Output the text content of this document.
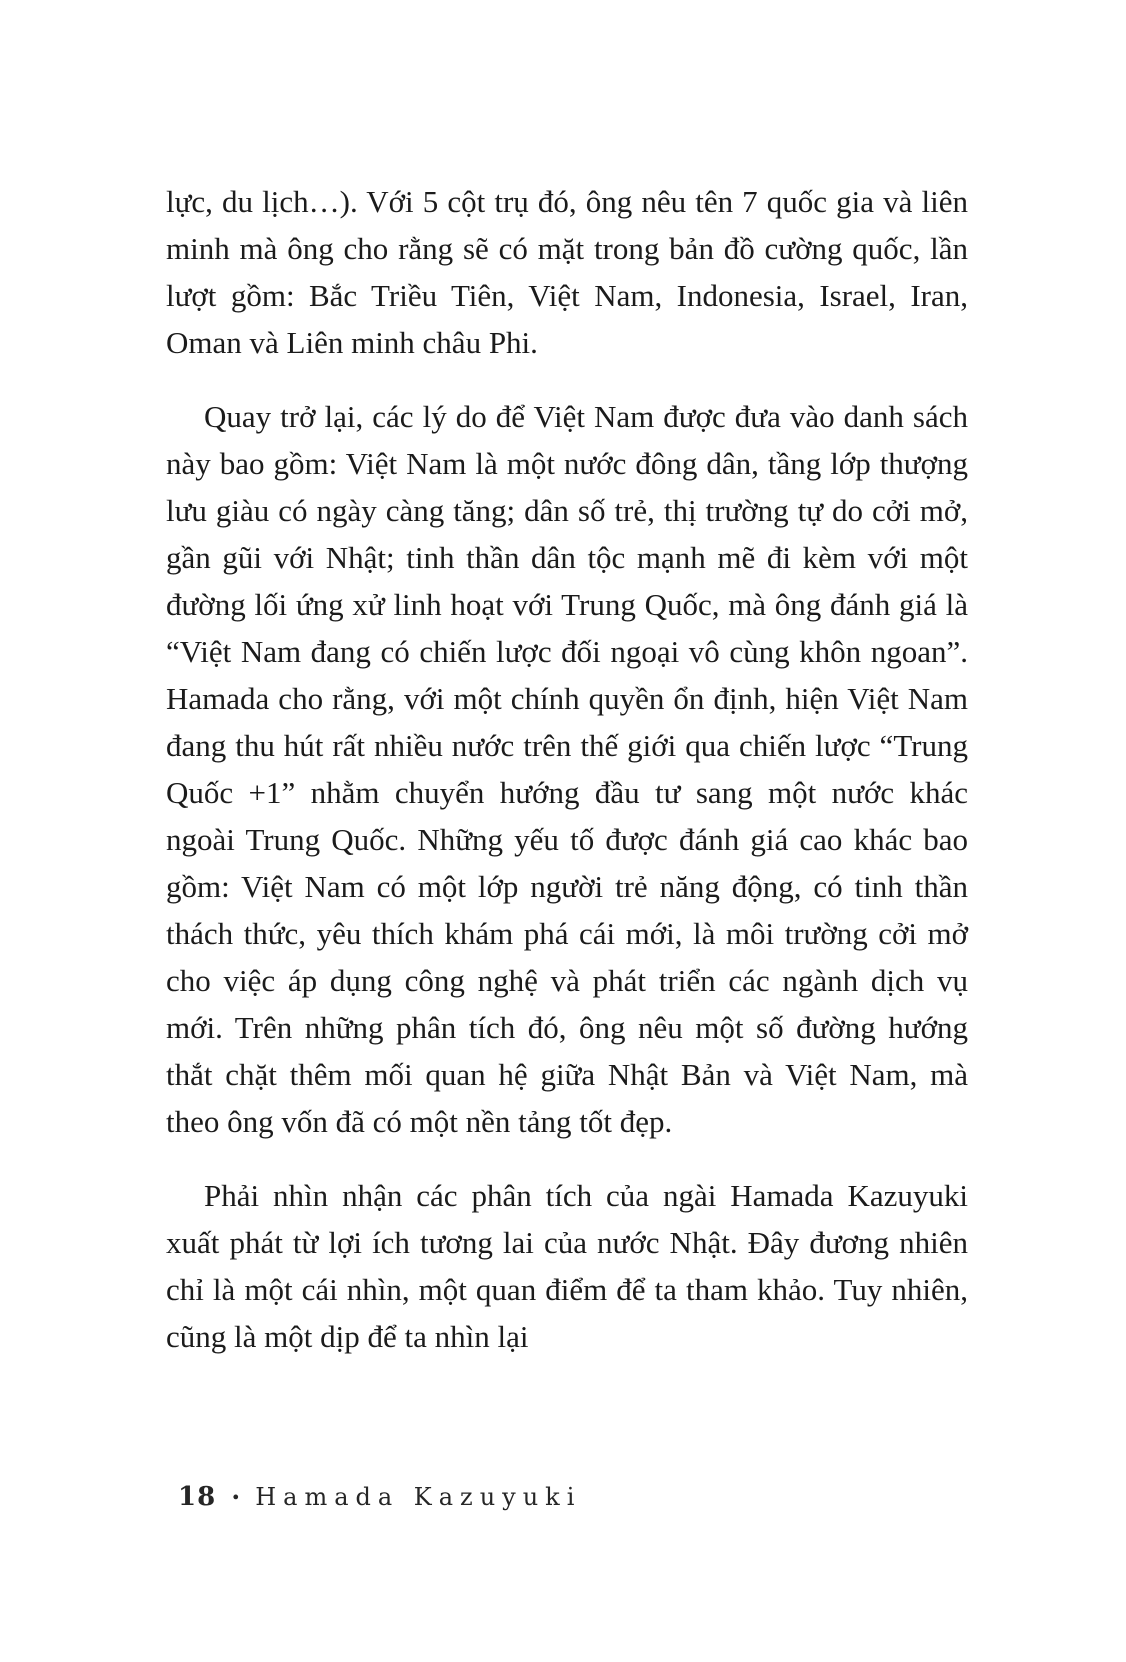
lực, du lịch…). Với 5 cột trụ đó, ông nêu tên 7 quốc gia và liên minh mà ông cho rằng sẽ có mặt trong bản đồ cường quốc, lần lượt gồm: Bắc Triều Tiên, Việt Nam, Indonesia, Israel, Iran, Oman và Liên minh châu Phi.

Quay trở lại, các lý do để Việt Nam được đưa vào danh sách này bao gồm: Việt Nam là một nước đông dân, tầng lớp thượng lưu giàu có ngày càng tăng; dân số trẻ, thị trường tự do cởi mở, gần gũi với Nhật; tinh thần dân tộc mạnh mẽ đi kèm với một đường lối ứng xử linh hoạt với Trung Quốc, mà ông đánh giá là “Việt Nam đang có chiến lược đối ngoại vô cùng khôn ngoan”. Hamada cho rằng, với một chính quyền ổn định, hiện Việt Nam đang thu hút rất nhiều nước trên thế giới qua chiến lược “Trung Quốc +1” nhằm chuyển hướng đầu tư sang một nước khác ngoài Trung Quốc. Những yếu tố được đánh giá cao khác bao gồm: Việt Nam có một lớp người trẻ năng động, có tinh thần thách thức, yêu thích khám phá cái mới, là môi trường cởi mở cho việc áp dụng công nghệ và phát triển các ngành dịch vụ mới. Trên những phân tích đó, ông nêu một số đường hướng thắt chặt thêm mối quan hệ giữa Nhật Bản và Việt Nam, mà theo ông vốn đã có một nền tảng tốt đẹp.

Phải nhìn nhận các phân tích của ngài Hamada Kazuyuki xuất phát từ lợi ích tương lai của nước Nhật. Đây đương nhiên chỉ là một cái nhìn, một quan điểm để ta tham khảo. Tuy nhiên, cũng là một dịp để ta nhìn lại

18 • Hamada Kazuyuki
